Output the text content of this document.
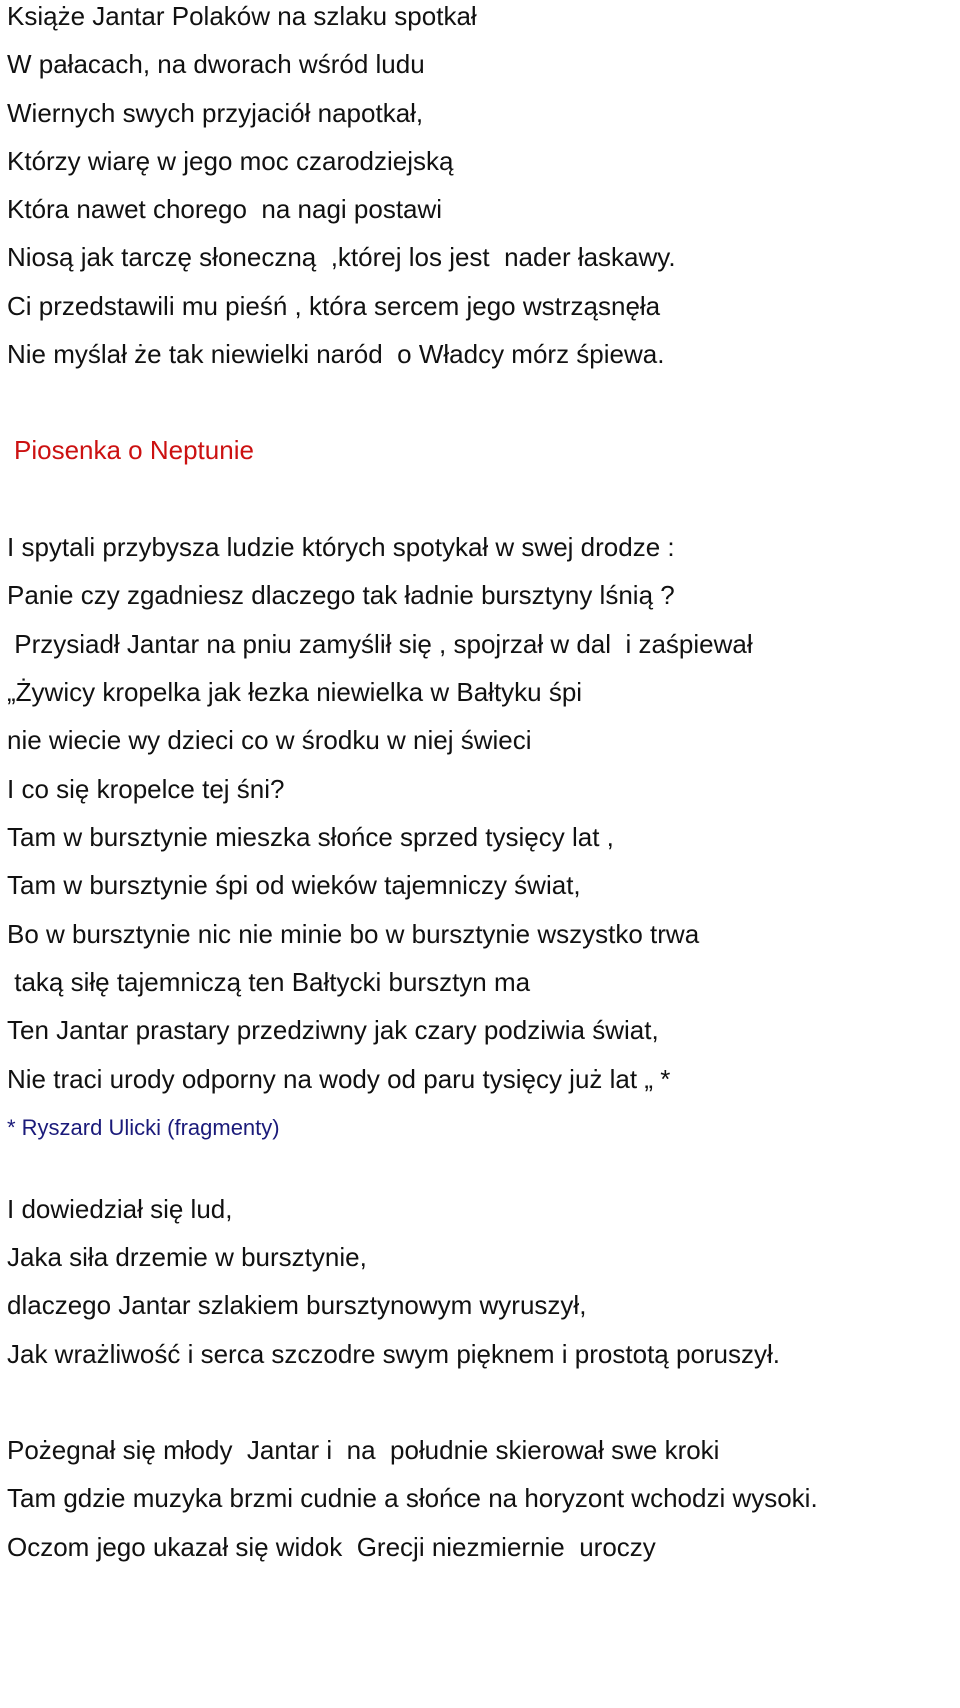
Książe Jantar Polaków na szlaku spotkał
W pałacach, na dworach wśród ludu
Wiernych swych przyjaciół napotkał,
Którzy wiarę w jego moc czarodziejską
Która nawet chorego  na nagi postawi
Niosą jak tarczę słoneczną  ,której los jest  nader łaskawy.
Ci przedstawili mu pieśń , która sercem jego wstrząsnęła
Nie myślał że tak niewielki naród  o Władcy mórz śpiewa.
Piosenka o Neptunie
I spytali przybysza ludzie których spotykał w swej drodze :
Panie czy zgadniesz dlaczego tak ładnie bursztyny lśnią ?
Przysiadł Jantar na pniu zamyślił się , spojrzał w dal  i zaśpiewał
„Żywicy kropelka jak łezka niewielka w Bałtyku śpi
nie wiecie wy dzieci co w środku w niej świeci
I co się kropelce tej śni?
Tam w bursztynie mieszka słońce sprzed tysięcy lat ,
Tam w bursztynie śpi od wieków tajemniczy świat,
Bo w bursztynie nic nie minie bo w bursztynie wszystko trwa
taką siłę tajemniczą ten Bałtycki bursztyn ma
Ten Jantar prastary przedziwny jak czary podziwia świat,
Nie traci urody odporny na wody od paru tysięcy już lat „ *
* Ryszard Ulicki (fragmenty)
I dowiedział się lud,
Jaka siła drzemie w bursztynie,
dlaczego Jantar szlakiem bursztynowym wyruszył,
Jak wrażliwość i serca szczodre swym pięknem i prostotą poruszył.
Pożegnał się młody  Jantar i  na  południe skierował swe kroki
Tam gdzie muzyka brzmi cudnie a słońce na horyzont wchodzi wysoki.
Oczom jego ukazał się widok  Grecji niezmiernie  uroczy
